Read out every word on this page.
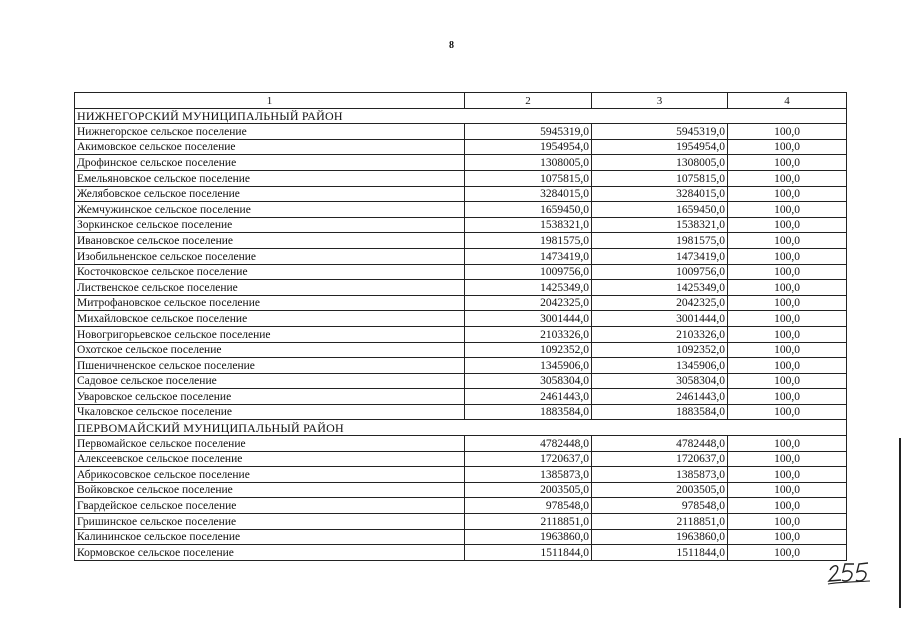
8
1	2	3	4
НИЖНЕГОРСКИЙ МУНИЦИПАЛЬНЫЙ РАЙОН			
Нижнегорское сельское поселение	5945319,0	5945319,0	100,0
Акимовское сельское поселение	1954954,0	1954954,0	100,0
Дрофинское сельское поселение	1308005,0	1308005,0	100,0
Емельяновское сельское поселение	1075815,0	1075815,0	100,0
Желябовское сельское поселение	3284015,0	3284015,0	100,0
Жемчужинское сельское поселение	1659450,0	1659450,0	100,0
Зоркинское сельское поселение	1538321,0	1538321,0	100,0
Ивановское сельское поселение	1981575,0	1981575,0	100,0
Изобильненское сельское поселение	1473419,0	1473419,0	100,0
Косточковское сельское поселение	1009756,0	1009756,0	100,0
Лиственское сельское поселение	1425349,0	1425349,0	100,0
Митрофановское сельское поселение	2042325,0	2042325,0	100,0
Михайловское сельское поселение	3001444,0	3001444,0	100,0
Новогригорьевское сельское поселение	2103326,0	2103326,0	100,0
Охотское сельское поселение	1092352,0	1092352,0	100,0
Пшеничненское сельское поселение	1345906,0	1345906,0	100,0
Садовое сельское поселение	3058304,0	3058304,0	100,0
Уваровское сельское поселение	2461443,0	2461443,0	100,0
Чкаловское сельское поселение	1883584,0	1883584,0	100,0
ПЕРВОМАЙСКИЙ МУНИЦИПАЛЬНЫЙ РАЙОН			
Первомайское сельское поселение	4782448,0	4782448,0	100,0
Алексеевское сельское поселение	1720637,0	1720637,0	100,0
Абрикосовское сельское поселение	1385873,0	1385873,0	100,0
Войковское сельское поселение	2003505,0	2003505,0	100,0
Гвардейское сельское поселение	978548,0	978548,0	100,0
Гришинское сельское поселение	2118851,0	2118851,0	100,0
Калининское сельское поселение	1963860,0	1963860,0	100,0
Кормовское сельское поселение	1511844,0	1511844,0	100,0
